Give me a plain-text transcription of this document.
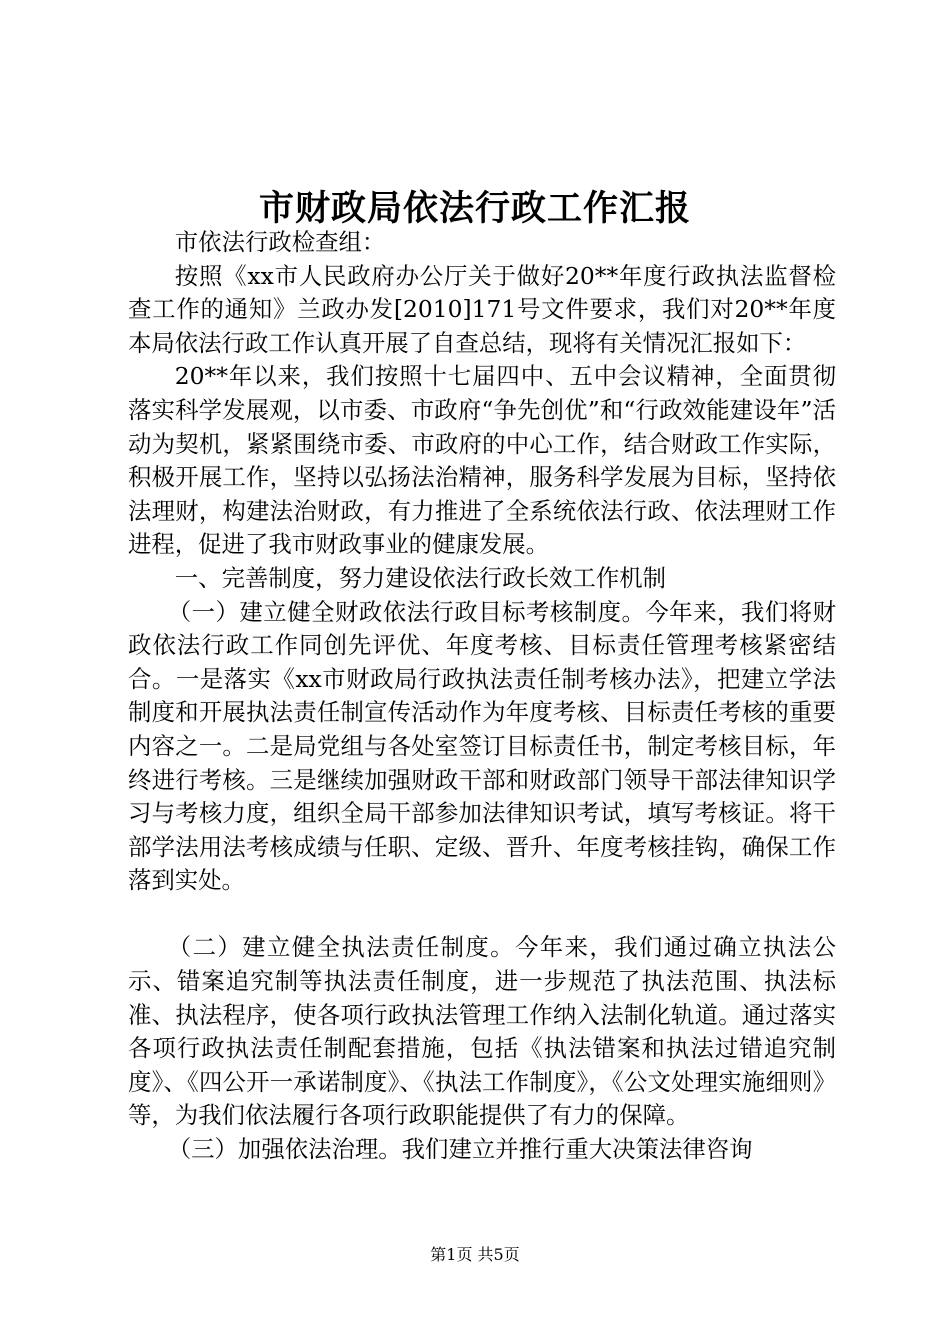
市财政局依法行政工作汇报

市依法行政检查组：

按照《xx市人民政府办公厅关于做好20**年度行政执法监督检查工作的通知》兰政办发[2010]171号文件要求，我们对20**年度本局依法行政工作认真开展了自查总结，现将有关情况汇报如下：

20**年以来，我们按照十七届四中、五中会议精神，全面贯彻落实科学发展观，以市委、市政府“争先创优”和“行政效能建设年”活动为契机，紧紧围绕市委、市政府的中心工作，结合财政工作实际，积极开展工作，坚持以弘扬法治精神，服务科学发展为目标，坚持依法理财，构建法治财政，有力推进了全系统依法行政、依法理财工作进程，促进了我市财政事业的健康发展。

一、完善制度，努力建设依法行政长效工作机制

（一）建立健全财政依法行政目标考核制度。今年来，我们将财政依法行政工作同创先评优、年度考核、目标责任管理考核紧密结合。一是落实《xx市财政局行政执法责任制考核办法》，把建立学法制度和开展执法责任制宣传活动作为年度考核、目标责任考核的重要内容之一。二是局党组与各处室签订目标责任书，制定考核目标，年终进行考核。三是继续加强财政干部和财政部门领导干部法律知识学习与考核力度，组织全局干部参加法律知识考试，填写考核证。将干部学法用法考核成绩与任职、定级、晋升、年度考核挂钩，确保工作落到实处。

（二）建立健全执法责任制度。今年来，我们通过确立执法公示、错案追究制等执法责任制度，进一步规范了执法范围、执法标准、执法程序，使各项行政执法管理工作纳入法制化轨道。通过落实各项行政执法责任制配套措施，包括《执法错案和执法过错追究制度》、《四公开一承诺制度》、《执法工作制度》，《公文处理实施细则》等，为我们依法履行各项行政职能提供了有力的保障。

（三）加强依法治理。我们建立并推行重大决策法律咨询

第1页 共5页
